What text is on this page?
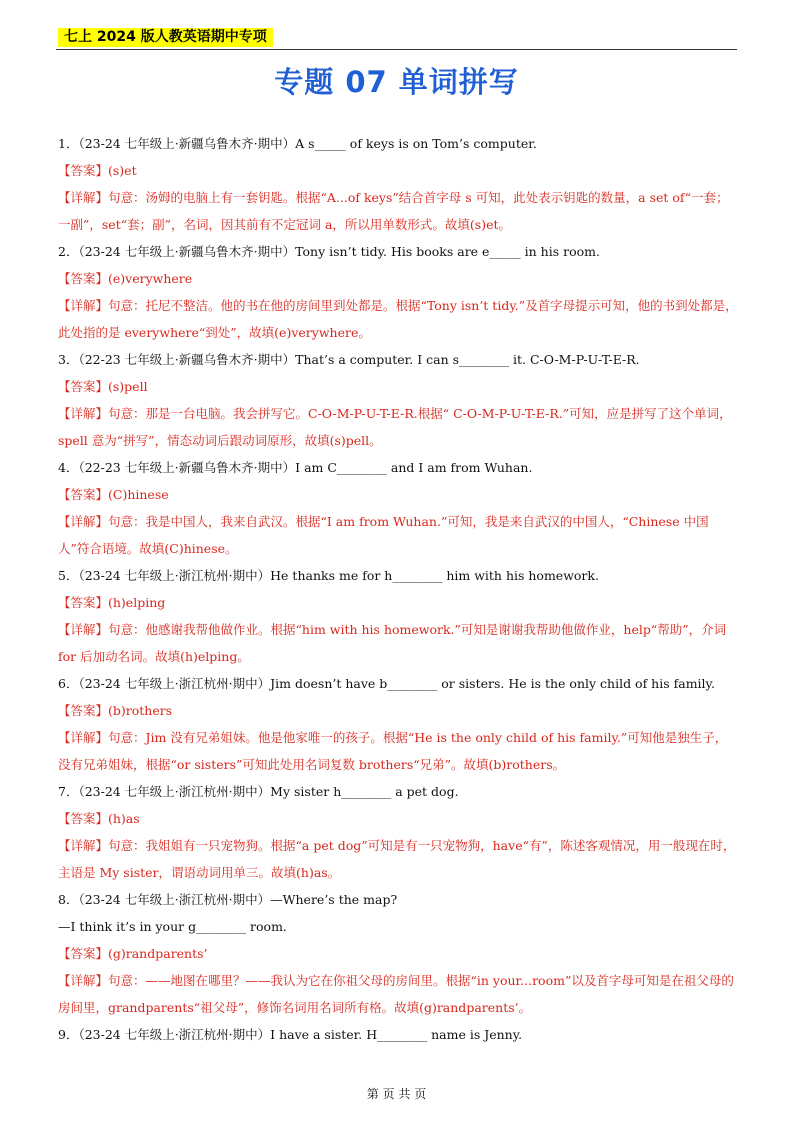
七上 2024 版人教英语期中专项
专题 07 单词拼写
1．（23-24 七年级上·新疆乌鲁木齐·期中）A s_____ of keys is on Tom’s computer.
【答案】(s)et
【详解】句意：汤姆的电脑上有一套钥匙。根据“A...of keys”结合首字母 s 可知，此处表示钥匙的数量，a set of“一套；一副”，set“套；副”，名词，因其前有不定冠词 a，所以用单数形式。故填(s)et。
2．（23-24 七年级上·新疆乌鲁木齐·期中）Tony isn’t tidy. His books are e_____ in his room.
【答案】(e)verywhere
【详解】句意：托尼不整洁。他的书在他的房间里到处都是。根据“Tony isn’t tidy.”及首字母提示可知，他的书到处都是，此处指的是 everywhere“到处”，故填(e)verywhere。
3．（22-23 七年级上·新疆乌鲁木齐·期中）That’s a computer. I can s________ it. C-O-M-P-U-T-E-R.
【答案】(s)pell
【详解】句意：那是一台电脑。我会拼写它。C-O-M-P-U-T-E-R.根据“ C-O-M-P-U-T-E-R.”可知，应是拼写了这个单词，spell 意为“拼写”，情态动词后跟动词原形，故填(s)pell。
4．（22-23 七年级上·新疆乌鲁木齐·期中）I am C________ and I am from Wuhan.
【答案】(C)hinese
【详解】句意：我是中国人，我来自武汉。根据“I am from Wuhan.”可知，我是来自武汉的中国人，“Chinese 中国人”符合语境。故填(C)hinese。
5．（23-24 七年级上·浙江杭州·期中）He thanks me for h________ him with his homework.
【答案】(h)elping
【详解】句意：他感谢我帮他做作业。根据“him with his homework.”可知是谢谢我帮助他做作业，help“帮助”，介词 for 后加动名词。故填(h)elping。
6．（23-24 七年级上·浙江杭州·期中）Jim doesn’t have b________ or sisters. He is the only child of his family.
【答案】(b)rothers
【详解】句意：Jim 没有兄弟姐妹。他是他家唯一的孩子。根据“He is the only child of his family.”可知他是独生子，没有兄弟姐妹，根据“or sisters”可知此处用名词复数 brothers“兄弟”。故填(b)rothers。
7．（23-24 七年级上·浙江杭州·期中）My sister h________ a pet dog.
【答案】(h)as
【详解】句意：我姐姐有一只宠物狗。根据“a pet dog”可知是有一只宠物狗，have“有”，陈述客观情况，用一般现在时，主语是 My sister，谓语动词用单三。故填(h)as。
8．（23-24 七年级上·浙江杭州·期中）—Where’s the map?
—I think it’s in your g________ room.
【答案】(g)randparents’
【详解】句意：——地图在哪里？——我认为它在你祖父母的房间里。根据“in your...room”以及首字母可知是在祖父母的房间里，grandparents“祖父母”，修饰名词用名词所有格。故填(g)randparents’。
9．（23-24 七年级上·浙江杭州·期中）I have a sister. H________ name is Jenny.
第 页 共 页
